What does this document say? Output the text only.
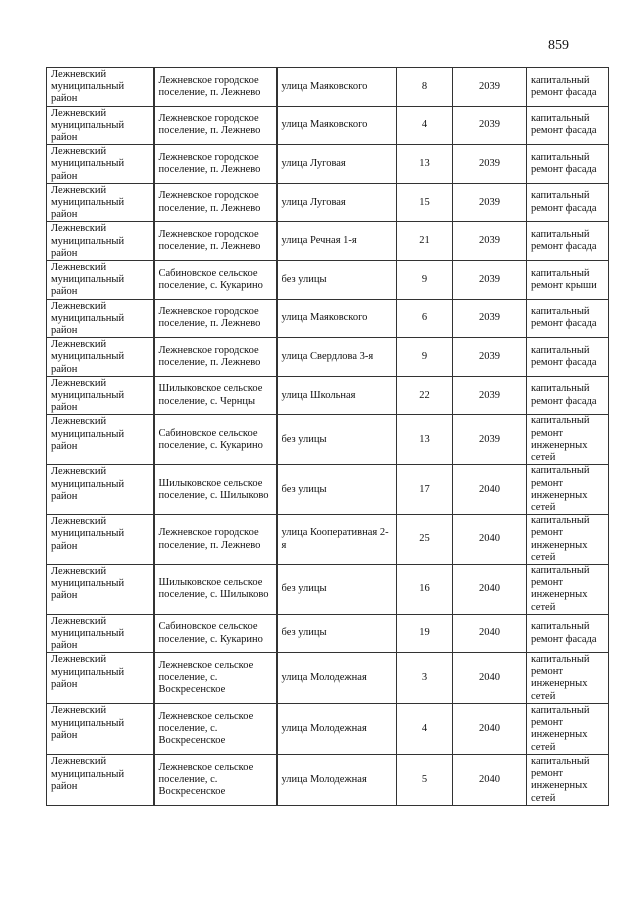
859
Лежневский муниципальный район	Лежневское городское поселение, п. Лежнево	улица Маяковского	8	2039	капитальный ремонт фасада
Лежневский муниципальный район	Лежневское городское поселение, п. Лежнево	улица Маяковского	4	2039	капитальный ремонт фасада
Лежневский муниципальный район	Лежневское городское поселение, п. Лежнево	улица Луговая	13	2039	капитальный ремонт фасада
Лежневский муниципальный район	Лежневское городское поселение, п. Лежнево	улица Луговая	15	2039	капитальный ремонт фасада
Лежневский муниципальный район	Лежневское городское поселение, п. Лежнево	улица Речная 1-я	21	2039	капитальный ремонт фасада
Лежневский муниципальный район	Сабиновское сельское поселение, с. Кукарино	без улицы	9	2039	капитальный ремонт крыши
Лежневский муниципальный район	Лежневское городское поселение, п. Лежнево	улица Маяковского	6	2039	капитальный ремонт фасада
Лежневский муниципальный район	Лежневское городское поселение, п. Лежнево	улица Свердлова 3-я	9	2039	капитальный ремонт фасада
Лежневский муниципальный район	Шилыковское сельское поселение, с. Чернцы	улица Школьная	22	2039	капитальный ремонт фасада
Лежневский муниципальный район	Сабиновское сельское поселение, с. Кукарино	без улицы	13	2039	капитальный ремонт инженерных сетей
Лежневский муниципальный район	Шилыковское сельское поселение, с. Шилыково	без улицы	17	2040	капитальный ремонт инженерных сетей
Лежневский муниципальный район	Лежневское городское поселение, п. Лежнево	улица Кооперативная 2-я	25	2040	капитальный ремонт инженерных сетей
Лежневский муниципальный район	Шилыковское сельское поселение, с. Шилыково	без улицы	16	2040	капитальный ремонт инженерных сетей
Лежневский муниципальный район	Сабиновское сельское поселение, с. Кукарино	без улицы	19	2040	капитальный ремонт фасада
Лежневский муниципальный район	Лежневское сельское поселение, с. Воскресенское	улица Молодежная	3	2040	капитальный ремонт инженерных сетей
Лежневский муниципальный район	Лежневское сельское поселение, с. Воскресенское	улица Молодежная	4	2040	капитальный ремонт инженерных сетей
Лежневский муниципальный район	Лежневское сельское поселение, с. Воскресенское	улица Молодежная	5	2040	капитальный ремонт инженерных сетей
